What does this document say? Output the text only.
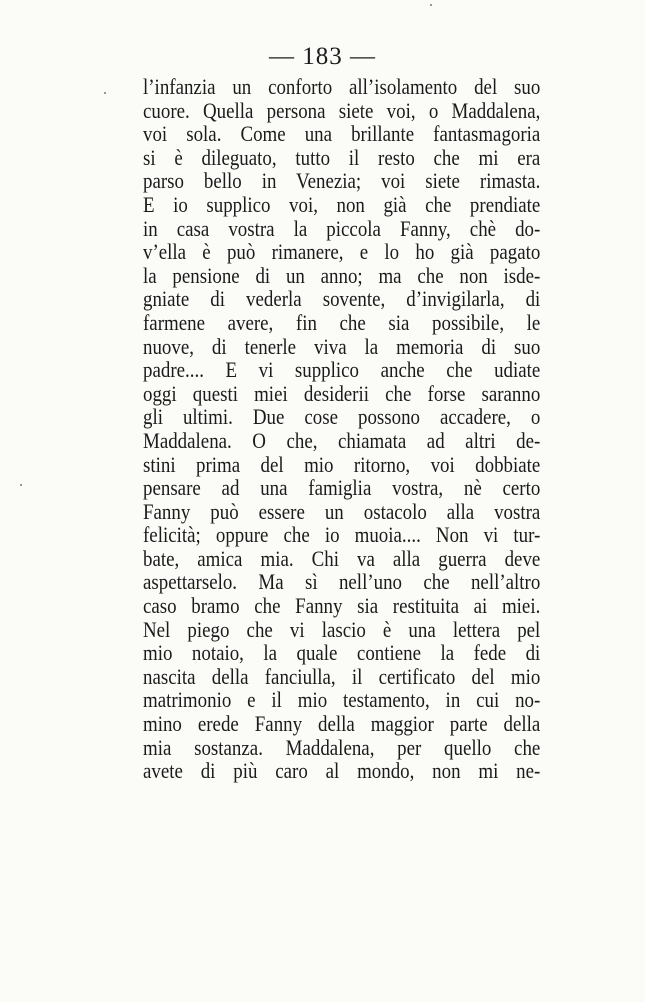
— 183 —
l’infanzia un conforto all’isolamento del suo
cuore. Quella persona siete voi, o Maddalena,
voi sola. Come una brillante fantasmagoria
si è dileguato, tutto il resto che mi era
parso bello in Venezia; voi siete rimasta.
E io supplico voi, non già che prendiate
in casa vostra la piccola Fanny, chè do-
v’ella è può rimanere, e lo ho già pagato
la pensione di un anno; ma che non isde-
gniate di vederla sovente, d’invigilarla, di
farmene avere, fin che sia possibile, le
nuove, di tenerle viva la memoria di suo
padre.... E vi supplico anche che udiate
oggi questi miei desiderii che forse saranno
gli ultimi. Due cose possono accadere, o
Maddalena. O che, chiamata ad altri de-
stini prima del mio ritorno, voi dobbiate
pensare ad una famiglia vostra, nè certo
Fanny può essere un ostacolo alla vostra
felicità; oppure che io muoia.... Non vi tur-
bate, amica mia. Chi va alla guerra deve
aspettarselo. Ma sì nell’uno che nell’altro
caso bramo che Fanny sia restituita ai miei.
Nel piego che vi lascio è una lettera pel
mio notaio, la quale contiene la fede di
nascita della fanciulla, il certificato del mio
matrimonio e il mio testamento, in cui no-
mino erede Fanny della maggior parte della
mia sostanza. Maddalena, per quello che
avete di più caro al mondo, non mi ne-
